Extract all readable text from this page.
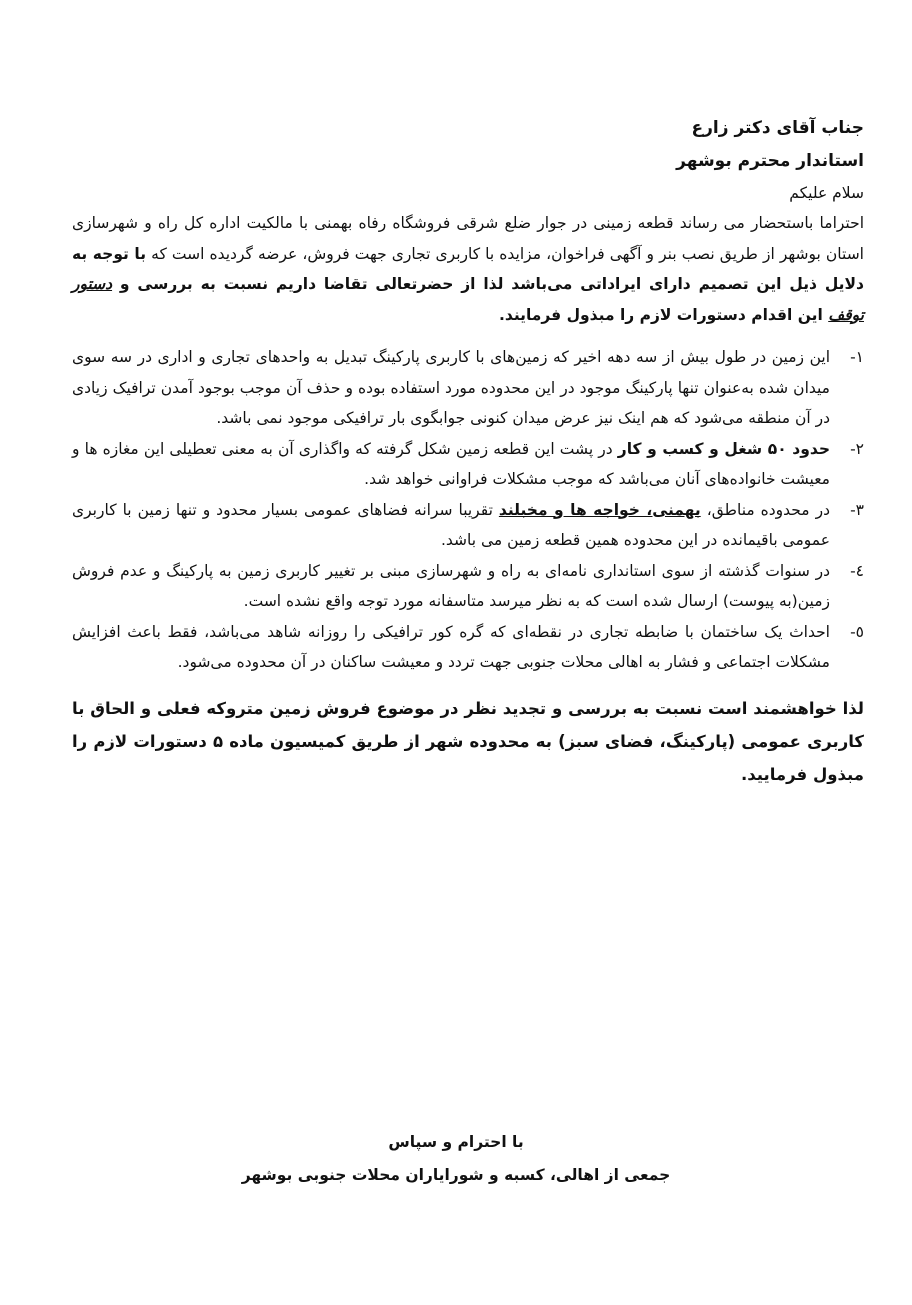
جناب آقای دکتر زارع

استاندار محترم بوشهر

سلام علیکم

احتراما باستحضار می رساند قطعه زمینی در جوار ضلع شرقی فروشگاه رفاه بهمنی با مالکیت اداره کل راه و شهرسازی استان بوشهر از طریق نصب بنر و آگهی فراخوان، مزایده با کاربری تجاری جهت فروش، عرضه گردیده است که با توجه به دلایل ذیل این تصمیم دارای ایراداتی می‌باشد لذا از حضرتعالی تقاضا داریم نسبت به بررسی و دستور توقف این اقدام دستورات لازم را مبذول فرمایند.

۱-
این زمین در طول بیش از سه دهه اخیر که زمین‌های با کاربری پارکینگ تبدیل به واحدهای تجاری و اداری در سه سوی میدان شده به‌عنوان تنها پارکینگ موجود در این محدوده مورد استفاده بوده و حذف آن موجب بوجود آمدن ترافیک زیادی در آن منطقه می‌شود که هم اینک نیز عرض میدان کنونی جوابگوی بار ترافیکی موجود نمی باشد.
۲-
حدود ۵۰ شغل و کسب و کار در پشت این قطعه زمین شکل گرفته که واگذاری آن به معنی تعطیلی این مغازه ها و معیشت خانواده‌های آنان می‌باشد که موجب مشکلات فراوانی خواهد شد.
۳-
در محدوده مناطق، بهمنی، خواجه ها و مخبلند تقریبا سرانه فضاهای عمومی بسیار محدود و تنها زمین با کاربری عمومی باقیمانده در این محدوده همین قطعه زمین می باشد.
٤-
در سنوات گذشته از سوی استانداری نامه‌ای به راه و شهرسازی مبنی بر تغییر کاربری زمین به پارکینگ و عدم فروش زمین(به پیوست) ارسال شده است که به نظر میرسد متاسفانه مورد توجه واقع نشده است.
٥-
احداث یک ساختمان با ضابطه تجاری در نقطه‌ای که گره کور ترافیکی را روزانه شاهد می‌باشد، فقط باعث افزایش مشکلات اجتماعی و فشار به اهالی محلات جنوبی جهت تردد و معیشت ساکنان در آن محدوده می‌شود.

لذا خواهشمند است نسبت به بررسی و تجدید نظر در موضوع فروش زمین متروکه فعلی و الحاق با کاربری عمومی (پارکینگ، فضای سبز) به محدوده شهر از طریق کمیسیون ماده ۵ دستورات لازم را مبذول فرمایید.

با احترام و سپاس

جمعی از اهالی، کسبه و شورایاران محلات جنوبی بوشهر
